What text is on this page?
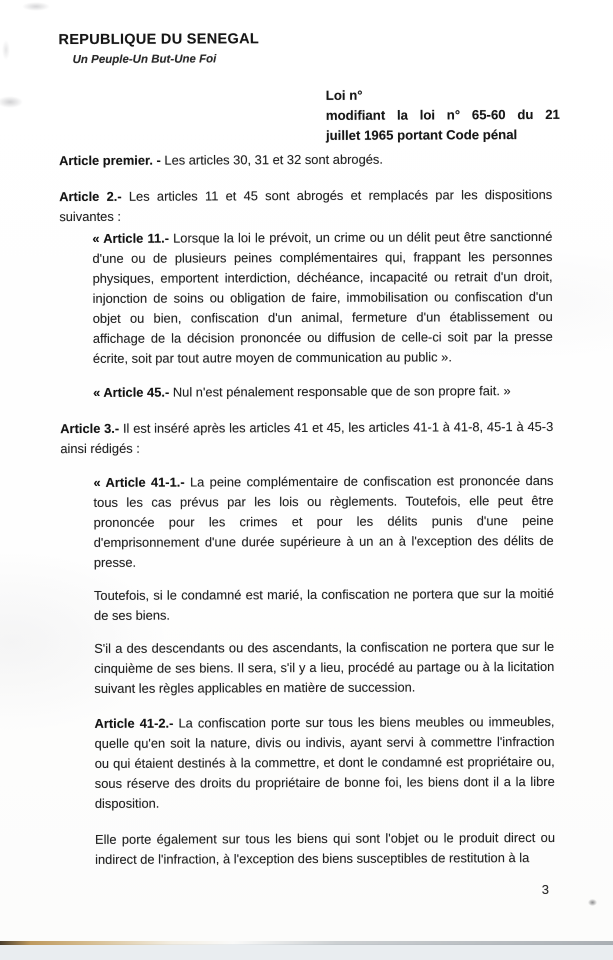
REPUBLIQUE DU SENEGAL
Un Peuple-Un But-Une Foi
Loi n°
modifiant la loi n° 65-60 du 21
juillet 1965 portant Code pénal

Article premier. - Les articles 30, 31 et 32 sont abrogés.

Article 2.- Les articles 11 et 45 sont abrogés et remplacés par les dispositions suivantes :

« Article 11.- Lorsque la loi le prévoit, un crime ou un délit peut être sanctionné d'une ou de plusieurs peines complémentaires qui, frappant les personnes physiques, emportent interdiction, déchéance, incapacité ou retrait d'un droit, injonction de soins ou obligation de faire, immobilisation ou confiscation d'un objet ou bien, confiscation d'un animal, fermeture d'un établissement ou affichage de la décision prononcée ou diffusion de celle-ci soit par la presse écrite, soit par tout autre moyen de communication au public ».

« Article 45.- Nul n'est pénalement responsable que de son propre fait. »

Article 3.- Il est inséré après les articles 41 et 45, les articles 41-1 à 41-8, 45-1 à 45-3 ainsi rédigés :

« Article 41-1.- La peine complémentaire de confiscation est prononcée dans tous les cas prévus par les lois ou règlements. Toutefois, elle peut être prononcée pour les crimes et pour les délits punis d'une peine d'emprisonnement d'une durée supérieure à un an à l'exception des délits de presse.

Toutefois, si le condamné est marié, la confiscation ne portera que sur la moitié de ses biens.

S'il a des descendants ou des ascendants, la confiscation ne portera que sur le cinquième de ses biens. Il sera, s'il y a lieu, procédé au partage ou à la licitation suivant les règles applicables en matière de succession.

Article 41-2.- La confiscation porte sur tous les biens meubles ou immeubles, quelle qu'en soit la nature, divis ou indivis, ayant servi à commettre l'infraction ou qui étaient destinés à la commettre, et dont le condamné est propriétaire ou, sous réserve des droits du propriétaire de bonne foi, les biens dont il a la libre disposition.

Elle porte également sur tous les biens qui sont l'objet ou le produit direct ou indirect de l'infraction, à l'exception des biens susceptibles de restitution à la

3
